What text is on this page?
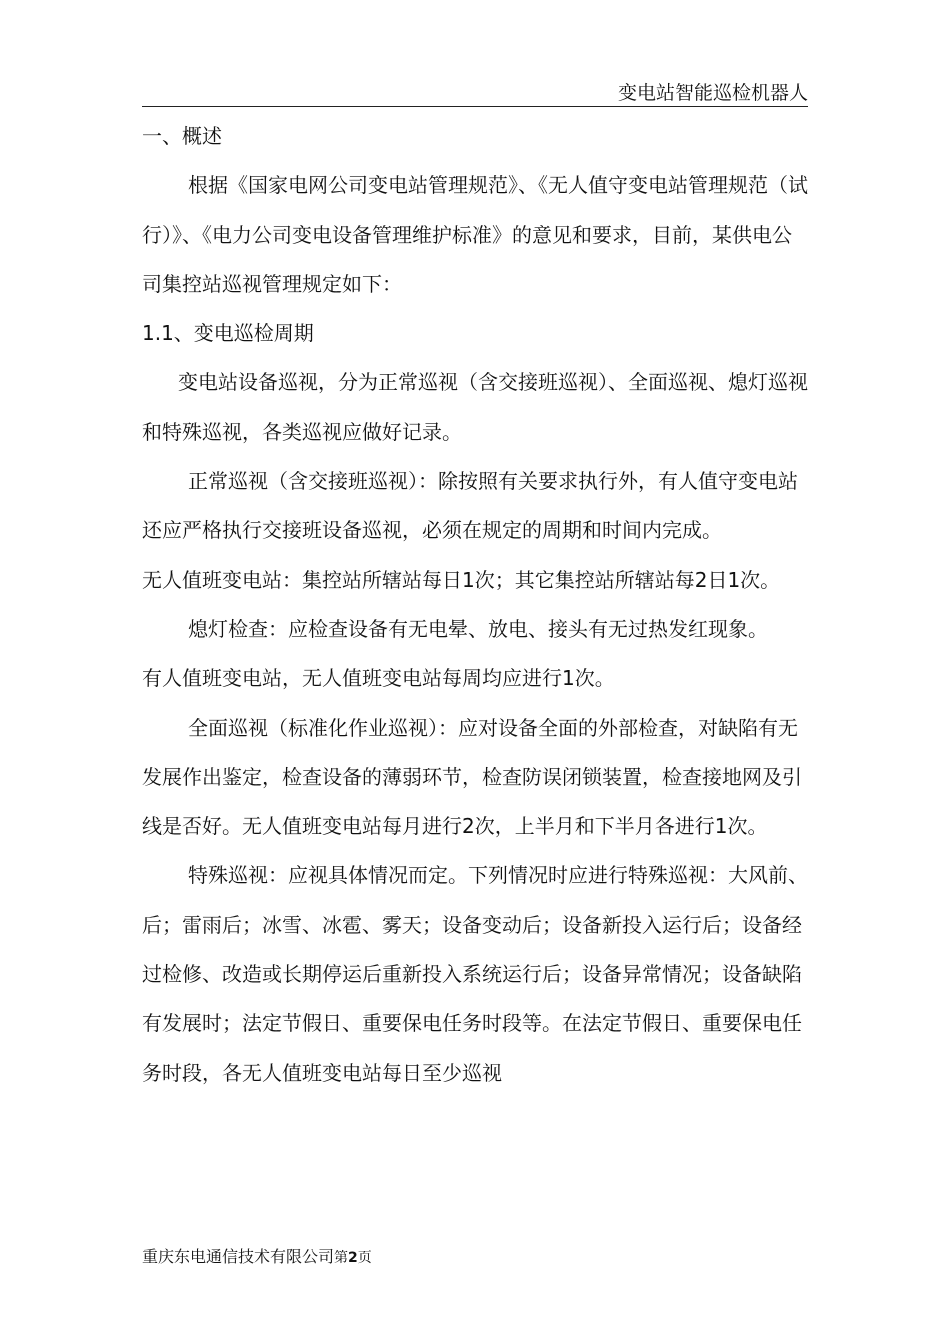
变电站智能巡检机器人

一、概述

根据《国家电网公司变电站管理规范》、《无人值守变电站管理规范（试行）》、《电力公司变电设备管理维护标准》的意见和要求，目前，某供电公司集控站巡视管理规定如下：

1.1、变电巡检周期

变电站设备巡视，分为正常巡视（含交接班巡视）、全面巡视、熄灯巡视和特殊巡视，各类巡视应做好记录。

正常巡视（含交接班巡视）：除按照有关要求执行外，有人值守变电站还应严格执行交接班设备巡视，必须在规定的周期和时间内完成。

无人值班变电站：集控站所辖站每日1次；其它集控站所辖站每2日1次。

熄灯检查：应检查设备有无电晕、放电、接头有无过热发红现象。

有人值班变电站，无人值班变电站每周均应进行1次。

全面巡视（标准化作业巡视）：应对设备全面的外部检查，对缺陷有无发展作出鉴定，检查设备的薄弱环节，检查防误闭锁装置，检查接地网及引线是否好。无人值班变电站每月进行2次，上半月和下半月各进行1次。

特殊巡视：应视具体情况而定。下列情况时应进行特殊巡视：大风前、后；雷雨后；冰雪、冰雹、雾天；设备变动后；设备新投入运行后；设备经过检修、改造或长期停运后重新投入系统运行后；设备异常情况；设备缺陷有发展时；法定节假日、重要保电任务时段等。在法定节假日、重要保电任务时段，各无人值班变电站每日至少巡视

重庆东电通信技术有限公司第2页
